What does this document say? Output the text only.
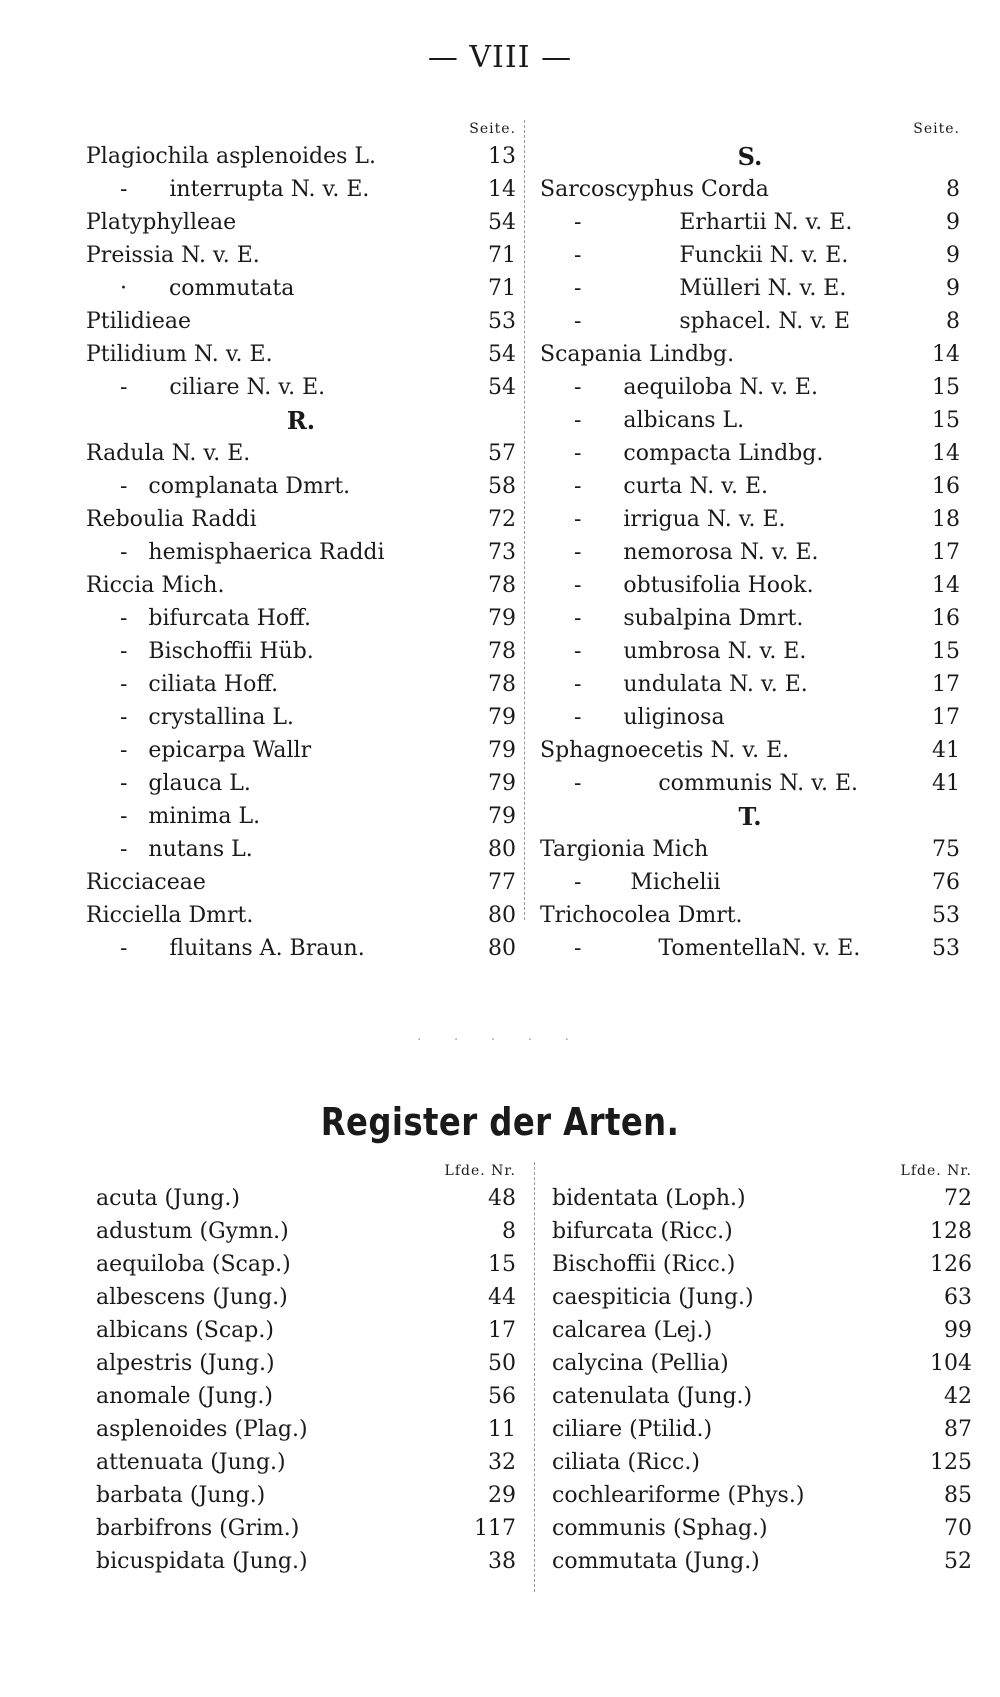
— VIII —
Seite.
Plagiochila asplenoides L.	13
-      interrupta N. v. E.	14
Platyphylleae	54
Preissia N. v. E.	71
·      commutata	71
Ptilidieae	53
Ptilidium N. v. E.	54
-      ciliare N. v. E.	54
R.
Radula N. v. E.	57
-   complanata Dmrt.	58
Reboulia Raddi	72
-   hemisphaerica Raddi	73
Riccia Mich.	78
-   bifurcata Hoff.	79
-   Bischoffii Hüb.	78
-   ciliata Hoff.	78
-   crystallina L.	79
-   epicarpa Wallr	79
-   glauca L.	79
-   minima L.	79
-   nutans L.	80
Ricciaceae	77
Ricciella Dmrt.	80
-      fluitans A. Braun.	80
Seite.
S.
Sarcoscyphus Corda	8
-              Erhartii N. v. E.	9
-              Funckii N. v. E.	9
-              Mülleri N. v. E.	9
-              sphacel. N. v. E	8
Scapania Lindbg.	14
-      aequiloba N. v. E.	15
-      albicans L.	15
-      compacta Lindbg.	14
-      curta N. v. E.	16
-      irrigua N. v. E.	18
-      nemorosa N. v. E.	17
-      obtusifolia Hook.	14
-      subalpina Dmrt.	16
-      umbrosa N. v. E.	15
-      undulata N. v. E.	17
-      uliginosa	17
Sphagnoecetis N. v. E.	41
-           communis N. v. E.	41
T.
Targionia Mich	75
-       Michelii	76
Trichocolea Dmrt.	53
-           TomentellaN. v. E.	53
· · · · ·
Register der Arten.
Lfde. Nr.
acuta (Jung.)	48
adustum (Gymn.)	8
aequiloba (Scap.)	15
albescens (Jung.)	44
albicans (Scap.)	17
alpestris (Jung.)	50
anomale (Jung.)	56
asplenoides (Plag.)	11
attenuata (Jung.)	32
barbata (Jung.)	29
barbifrons (Grim.)	117
bicuspidata (Jung.)	38
Lfde. Nr.
bidentata (Loph.)	72
bifurcata (Ricc.)	128
Bischoffii (Ricc.)	126
caespiticia (Jung.)	63
calcarea (Lej.)	99
calycina (Pellia)	104
catenulata (Jung.)	42
ciliare (Ptilid.)	87
ciliata (Ricc.)	125
cochleariforme (Phys.)	85
communis (Sphag.)	70
commutata (Jung.)	52
